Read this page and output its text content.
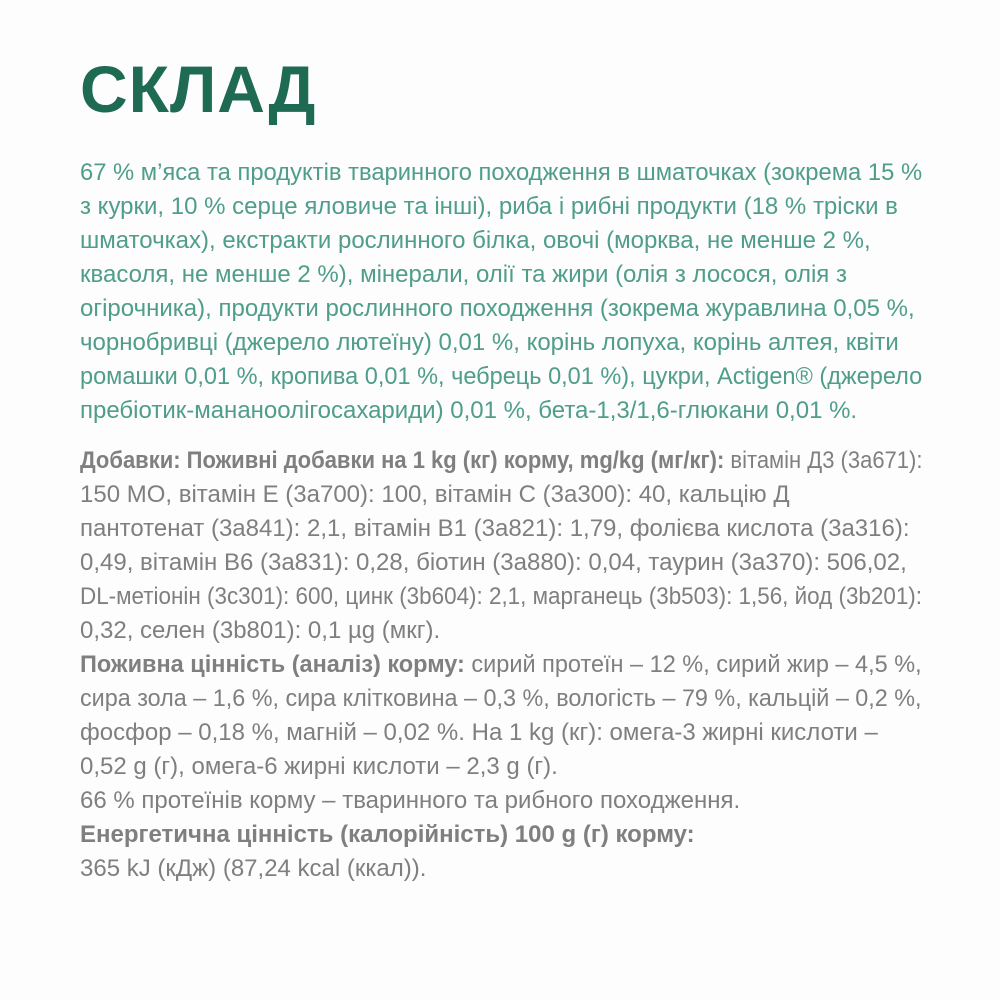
СКЛАД
67 % м’яса та продуктів тваринного походження в шматочках (зокрема 15 %
з курки, 10 % серце яловиче та інші), риба і рибні продукти (18 % тріски в
шматочках), екстракти рослинного білка, овочі (морква, не менше 2 %,
квасоля, не менше 2 %), мінерали, олії та жири (олія з лосося, олія з
огірочника), продукти рослинного походження (зокрема журавлина 0,05 %,
чорнобривці (джерело лютеїну) 0,01 %, корінь лопуха, корінь алтея, квіти
ромашки 0,01 %, кропива 0,01 %, чебрець 0,01 %), цукри, Actigen® (джерело
пребіотик-мананоолігосахариди) 0,01 %, бета-1,3/1,6-глюкани 0,01 %.
Добавки: Поживні добавки на 1 kg (кг) корму, mg/kg (мг/кг): вітамін Д3 (3a671):
150 МО, вітамін Е (3a700): 100, вітамін С (3a300): 40, кальцію Д
пантотенат (3a841): 2,1, вітамін В1 (3a821): 1,79, фолієва кислота (3a316):
0,49, вітамін В6 (3a831): 0,28, біотин (3a880): 0,04, таурин (3a370): 506,02,
DL-метіонін (3c301): 600, цинк (3b604): 2,1, марганець (3b503): 1,56, йод (3b201):
0,32, селен (3b801): 0,1 µg (мкг).
Поживна цінність (аналіз) корму: сирий протеїн – 12 %, сирий жир – 4,5 %,
сира зола – 1,6 %, сира клітковина – 0,3 %, вологість – 79 %, кальцій – 0,2 %,
фосфор – 0,18 %, магній – 0,02 %. На 1 kg (кг): омега-3 жирні кислоти –
0,52 g (г), омега-6 жирні кислоти – 2,3 g (г).
66 % протеїнів корму – тваринного та рибного походження.
Енергетична цінність (калорійність) 100 g (г) корму:
365 kJ (кДж) (87,24 kcal (ккал)).
